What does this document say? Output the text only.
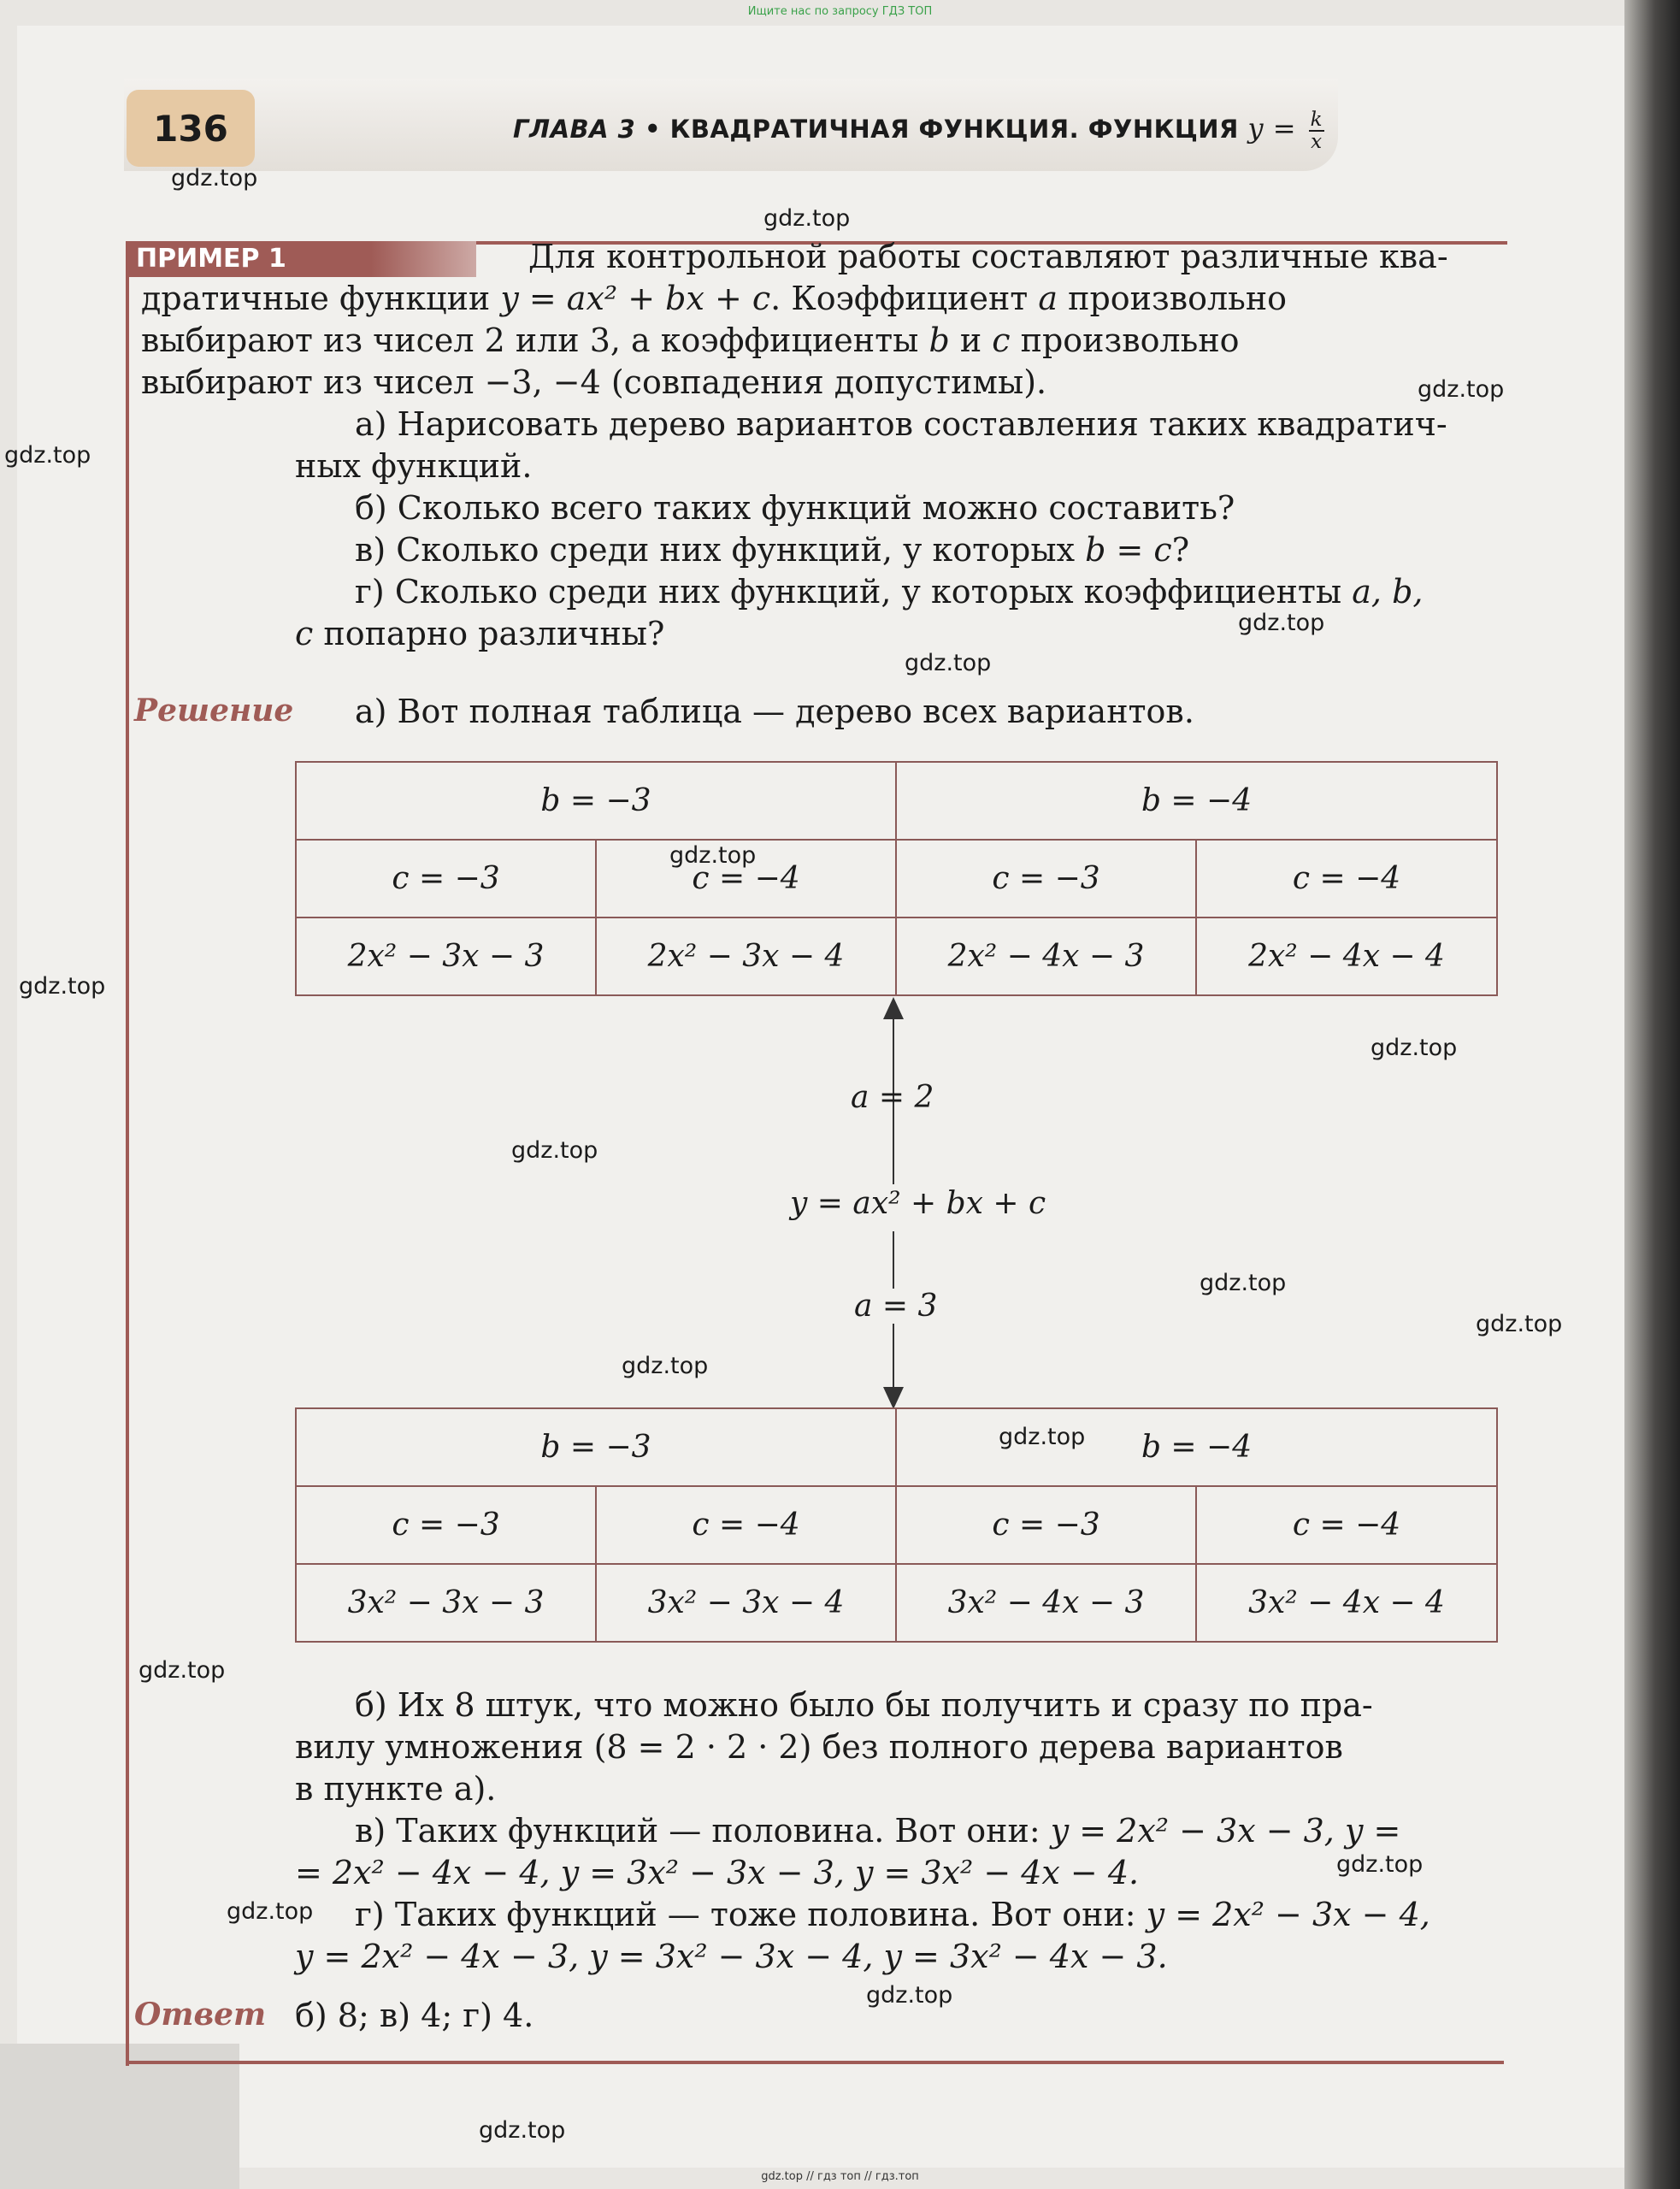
Ищите нас по запросу ГДЗ ТОП
136	ГЛАВА 3 • КВАДРАТИЧНАЯ ФУНКЦИЯ. ФУНКЦИЯ $y = \frac{k}{x}$
ПРИМЕР 1	Для контрольной работы составляют различные ква-
дратичные функции y = ax² + bx + c. Коэффициент a произвольно
выбирают из чисел 2 или 3, а коэффициенты b и c произвольно
выбирают из чисел −3, −4 (совпадения допустимы).
а) Нарисовать дерево вариантов составления таких квадратич-
ных функций.
б) Сколько всего таких функций можно составить?
в) Сколько среди них функций, у которых b = c?
г) Сколько среди них функций, у которых коэффициенты a, b,
c попарно различны?
Решение а) Вот полная таблица — дерево всех вариантов.
b = −3		b = −4	
c = −3	c = −4	c = −3	c = −4
2x² − 3x − 3	2x² − 3x − 4	2x² − 4x − 3	2x² − 4x − 4
a = 2
y = ax² + bx + c
a = 3
b = −3		b = −4	
c = −3	c = −4	c = −3	c = −4
3x² − 3x − 3	3x² − 3x − 4	3x² − 4x − 3	3x² − 4x − 4
б) Их 8 штук, что можно было бы получить и сразу по пра-
вилу умножения (8 = 2 · 2 · 2) без полного дерева вариантов
в пункте а).
в) Таких функций — половина. Вот они: y = 2x² − 3x − 3, y =
= 2x² − 4x − 4, y = 3x² − 3x − 3, y = 3x² − 4x − 4.
г) Таких функций — тоже половина. Вот они: y = 2x² − 3x − 4,
y = 2x² − 4x − 3, y = 3x² − 3x − 4, y = 3x² − 4x − 3.
Ответ б) 8; в) 4; г) 4.
gdz.top
gdz.top
gdz.top
gdz.top
gdz.top
gdz.top
gdz.top
gdz.top
gdz.top
gdz.top
gdz.top
gdz.top
gdz.top
gdz.top
gdz.top
gdz.top
gdz.top
gdz.top
gdz.top
gdz.top // гдз топ // гдз.топ
